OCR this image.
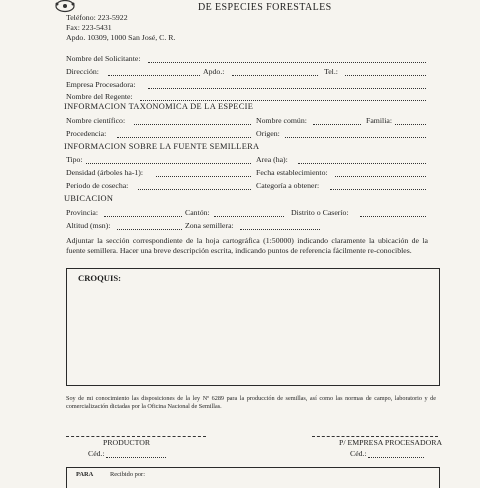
DE ESPECIES FORESTALES
Teléfono: 223-5922
Fax: 223-5431
Apdo. 10309, 1000 San José, C. R.
Nombre del Solicitante:
Dirección:	Apdo.:	Tel.:
Empresa Procesadora:
Nombre del Regente:
INFORMACION TAXONOMICA DE LA ESPECIE
Nombre científico:	Nombre común:	Familia:
Procedencia:	Origen:
INFORMACION SOBRE LA FUENTE SEMILLERA
Tipo:	Area (ha):
Densidad (árboles ha-1):	Fecha establecimiento:
Periodo de cosecha:	Categoría a obtener:
UBICACION
Provincia:	Cantón:	Distrito o Caserío:
Altitud (msn):	Zona semillera:
Adjuntar la sección correspondiente de la hoja cartográfica (1:50000) indicando claramente la ubicación de la fuente semillera. Hacer una breve descripción escrita, indicando puntos de referencia fácilmente re-conocibles.
CROQUIS:
Soy de mi conocimiento las disposiciones de la ley Nº 6289 para la producción de semillas, así como las normas de campo, laboratorio y de comercialización dictadas por la Oficina Nacional de Semillas.
PRODUCTOR
Céd.:
P/ EMPRESA PROCESADORA
Céd.:
PARA	Recibido por:
